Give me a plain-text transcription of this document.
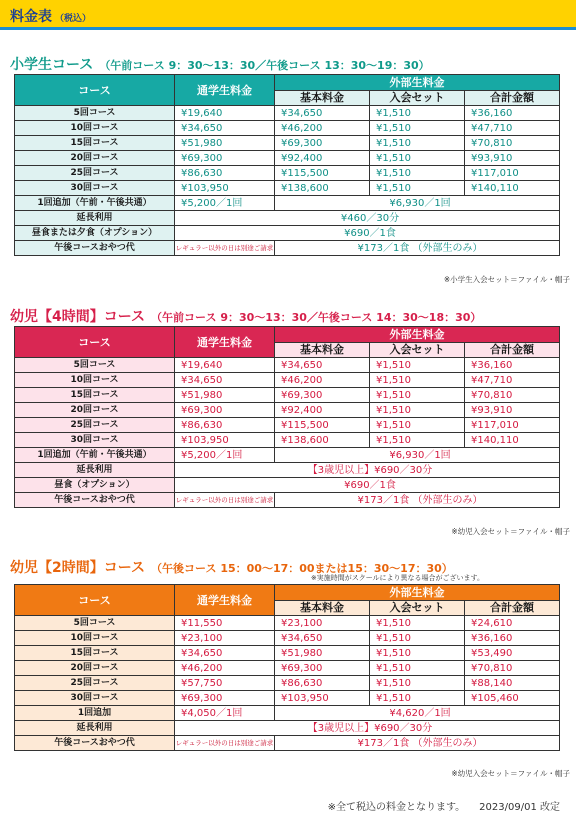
料金表 （税込）
小学生コース （午前コース 9：30〜13：30／午後コース 13：30〜19：30）
コース	通学生料金	外部生料金		
		基本料金	入会セット	合計金額
5回コース	¥19,640	¥34,650	¥1,510	¥36,160
10回コース	¥34,650	¥46,200	¥1,510	¥47,710
15回コース	¥51,980	¥69,300	¥1,510	¥70,810
20回コース	¥69,300	¥92,400	¥1,510	¥93,910
25回コース	¥86,630	¥115,500	¥1,510	¥117,010
30回コース	¥103,950	¥138,600	¥1,510	¥140,110
1回追加（午前・午後共通）	¥5,200／1回	¥6,930／1回		
延長利用	¥460／30分			
昼食または夕食（オプション）	¥690／1食			
午後コースおやつ代	レギュラー以外の日は別途ご請求	¥173／1食 （外部生のみ）		
※小学生入会セット＝ファイル・帽子
幼児【4時間】コース （午前コース 9：30〜13：30／午後コース 14：30〜18：30）
コース	通学生料金	外部生料金		
		基本料金	入会セット	合計金額
5回コース	¥19,640	¥34,650	¥1,510	¥36,160
10回コース	¥34,650	¥46,200	¥1,510	¥47,710
15回コース	¥51,980	¥69,300	¥1,510	¥70,810
20回コース	¥69,300	¥92,400	¥1,510	¥93,910
25回コース	¥86,630	¥115,500	¥1,510	¥117,010
30回コース	¥103,950	¥138,600	¥1,510	¥140,110
1回追加（午前・午後共通）	¥5,200／1回	¥6,930／1回		
延長利用	【3歳児以上】¥690／30分			
昼食（オプション）	¥690／1食			
午後コースおやつ代	レギュラー以外の日は別途ご請求	¥173／1食 （外部生のみ）		
※幼児入会セット＝ファイル・帽子
幼児【2時間】コース （午後コース 15：00〜17：00または15：30〜17：30）
※実施時間がスクールにより異なる場合がございます。
コース	通学生料金	外部生料金		
		基本料金	入会セット	合計金額
5回コース	¥11,550	¥23,100	¥1,510	¥24,610
10回コース	¥23,100	¥34,650	¥1,510	¥36,160
15回コース	¥34,650	¥51,980	¥1,510	¥53,490
20回コース	¥46,200	¥69,300	¥1,510	¥70,810
25回コース	¥57,750	¥86,630	¥1,510	¥88,140
30回コース	¥69,300	¥103,950	¥1,510	¥105,460
1回追加	¥4,050／1回	¥4,620／1回		
延長利用	【3歳児以上】¥690／30分			
午後コースおやつ代	レギュラー以外の日は別途ご請求	¥173／1食 （外部生のみ）		
※幼児入会セット＝ファイル・帽子
※全て税込の料金となります。 2023/09/01 改定
